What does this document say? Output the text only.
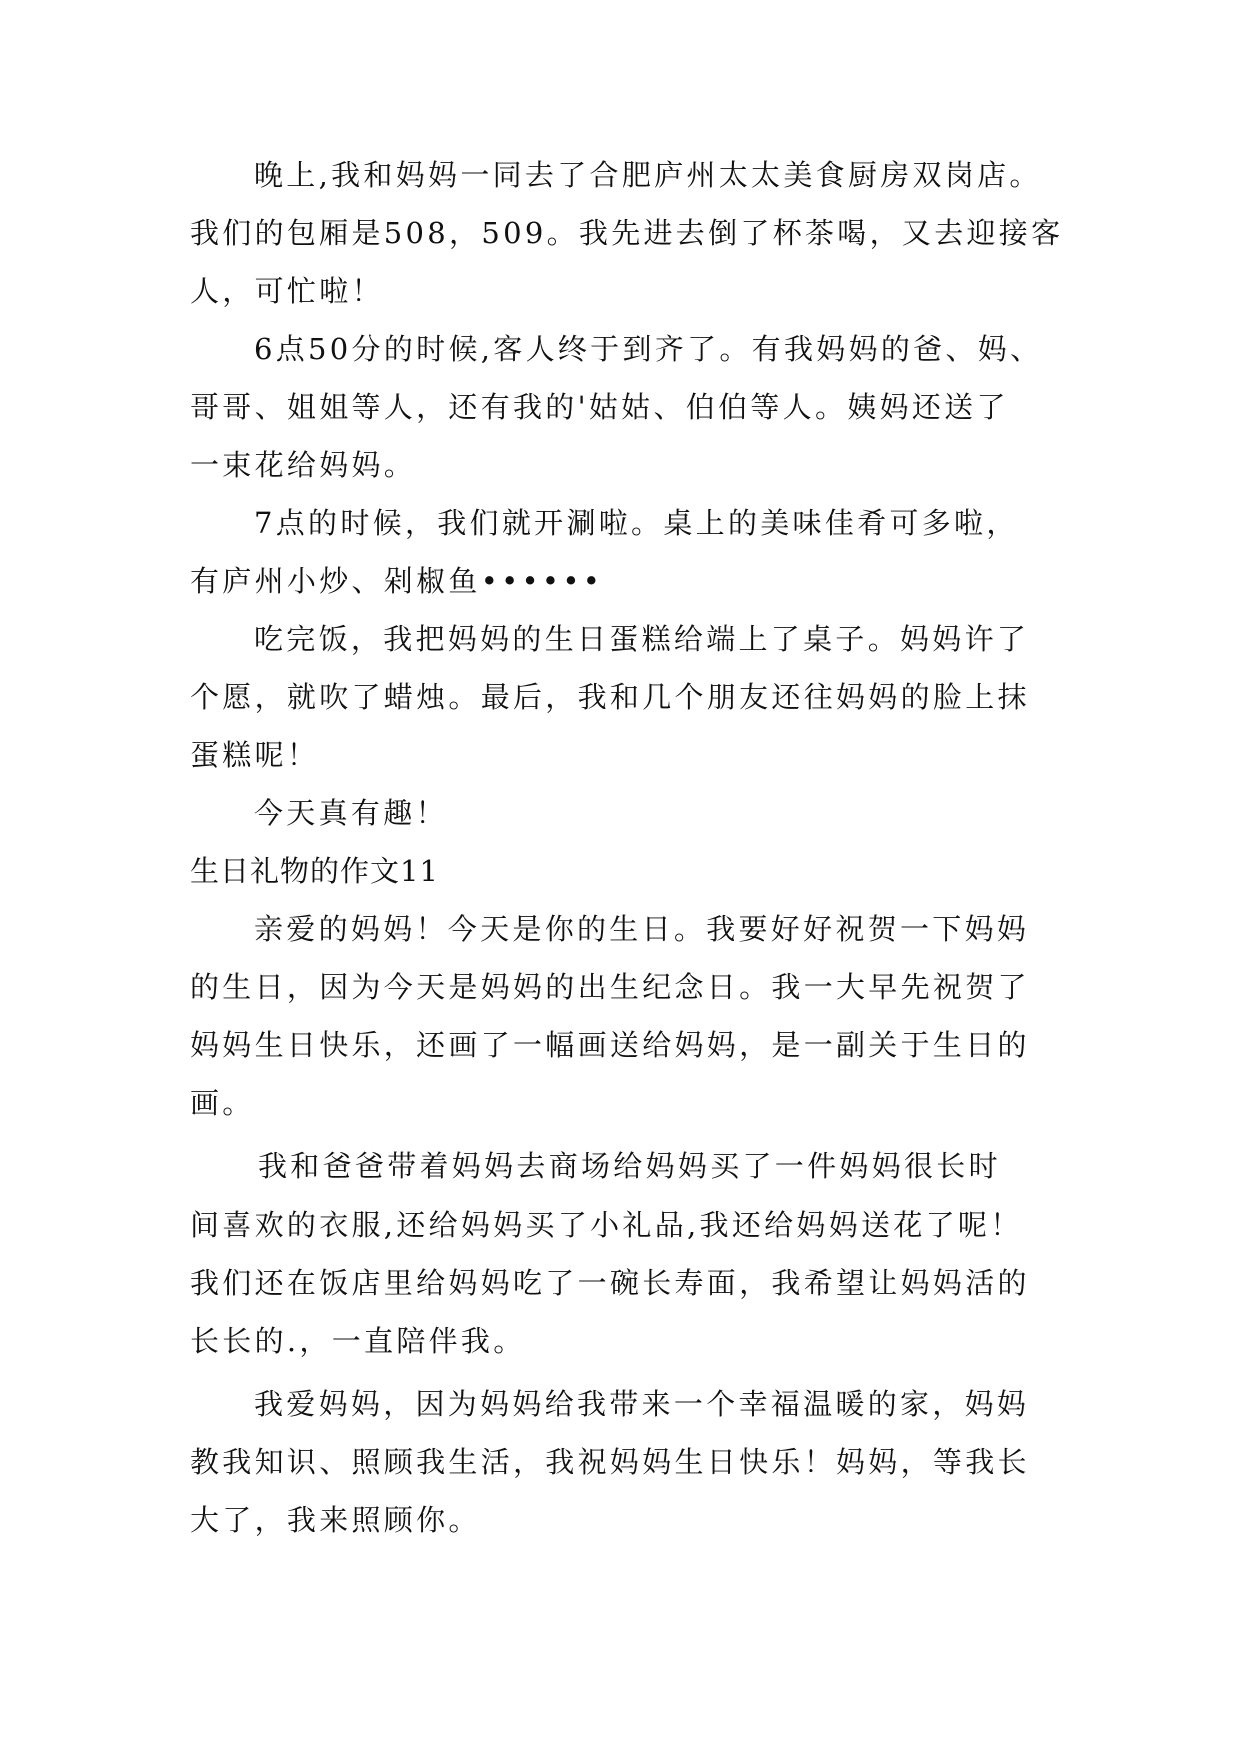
晚上,我和妈妈一同去了合肥庐州太太美食厨房双岗店。
我们的包厢是508，509。我先进去倒了杯茶喝，又去迎接客
人，可忙啦！
6点50分的时候,客人终于到齐了。有我妈妈的爸、妈、
哥哥、姐姐等人，还有我的'姑姑、伯伯等人。姨妈还送了
一束花给妈妈。
7点的时候，我们就开涮啦。桌上的美味佳肴可多啦，
有庐州小炒、剁椒鱼••••••
吃完饭，我把妈妈的生日蛋糕给端上了桌子。妈妈许了
个愿，就吹了蜡烛。最后，我和几个朋友还往妈妈的脸上抹
蛋糕呢！
今天真有趣！
生日礼物的作文11
亲爱的妈妈！今天是你的生日。我要好好祝贺一下妈妈
的生日，因为今天是妈妈的出生纪念日。我一大早先祝贺了
妈妈生日快乐，还画了一幅画送给妈妈，是一副关于生日的
画。
我和爸爸带着妈妈去商场给妈妈买了一件妈妈很长时
间喜欢的衣服,还给妈妈买了小礼品,我还给妈妈送花了呢！
我们还在饭店里给妈妈吃了一碗长寿面，我希望让妈妈活的
长长的.，一直陪伴我。
我爱妈妈，因为妈妈给我带来一个幸福温暖的家，妈妈
教我知识、照顾我生活，我祝妈妈生日快乐！妈妈，等我长
大了，我来照顾你。
